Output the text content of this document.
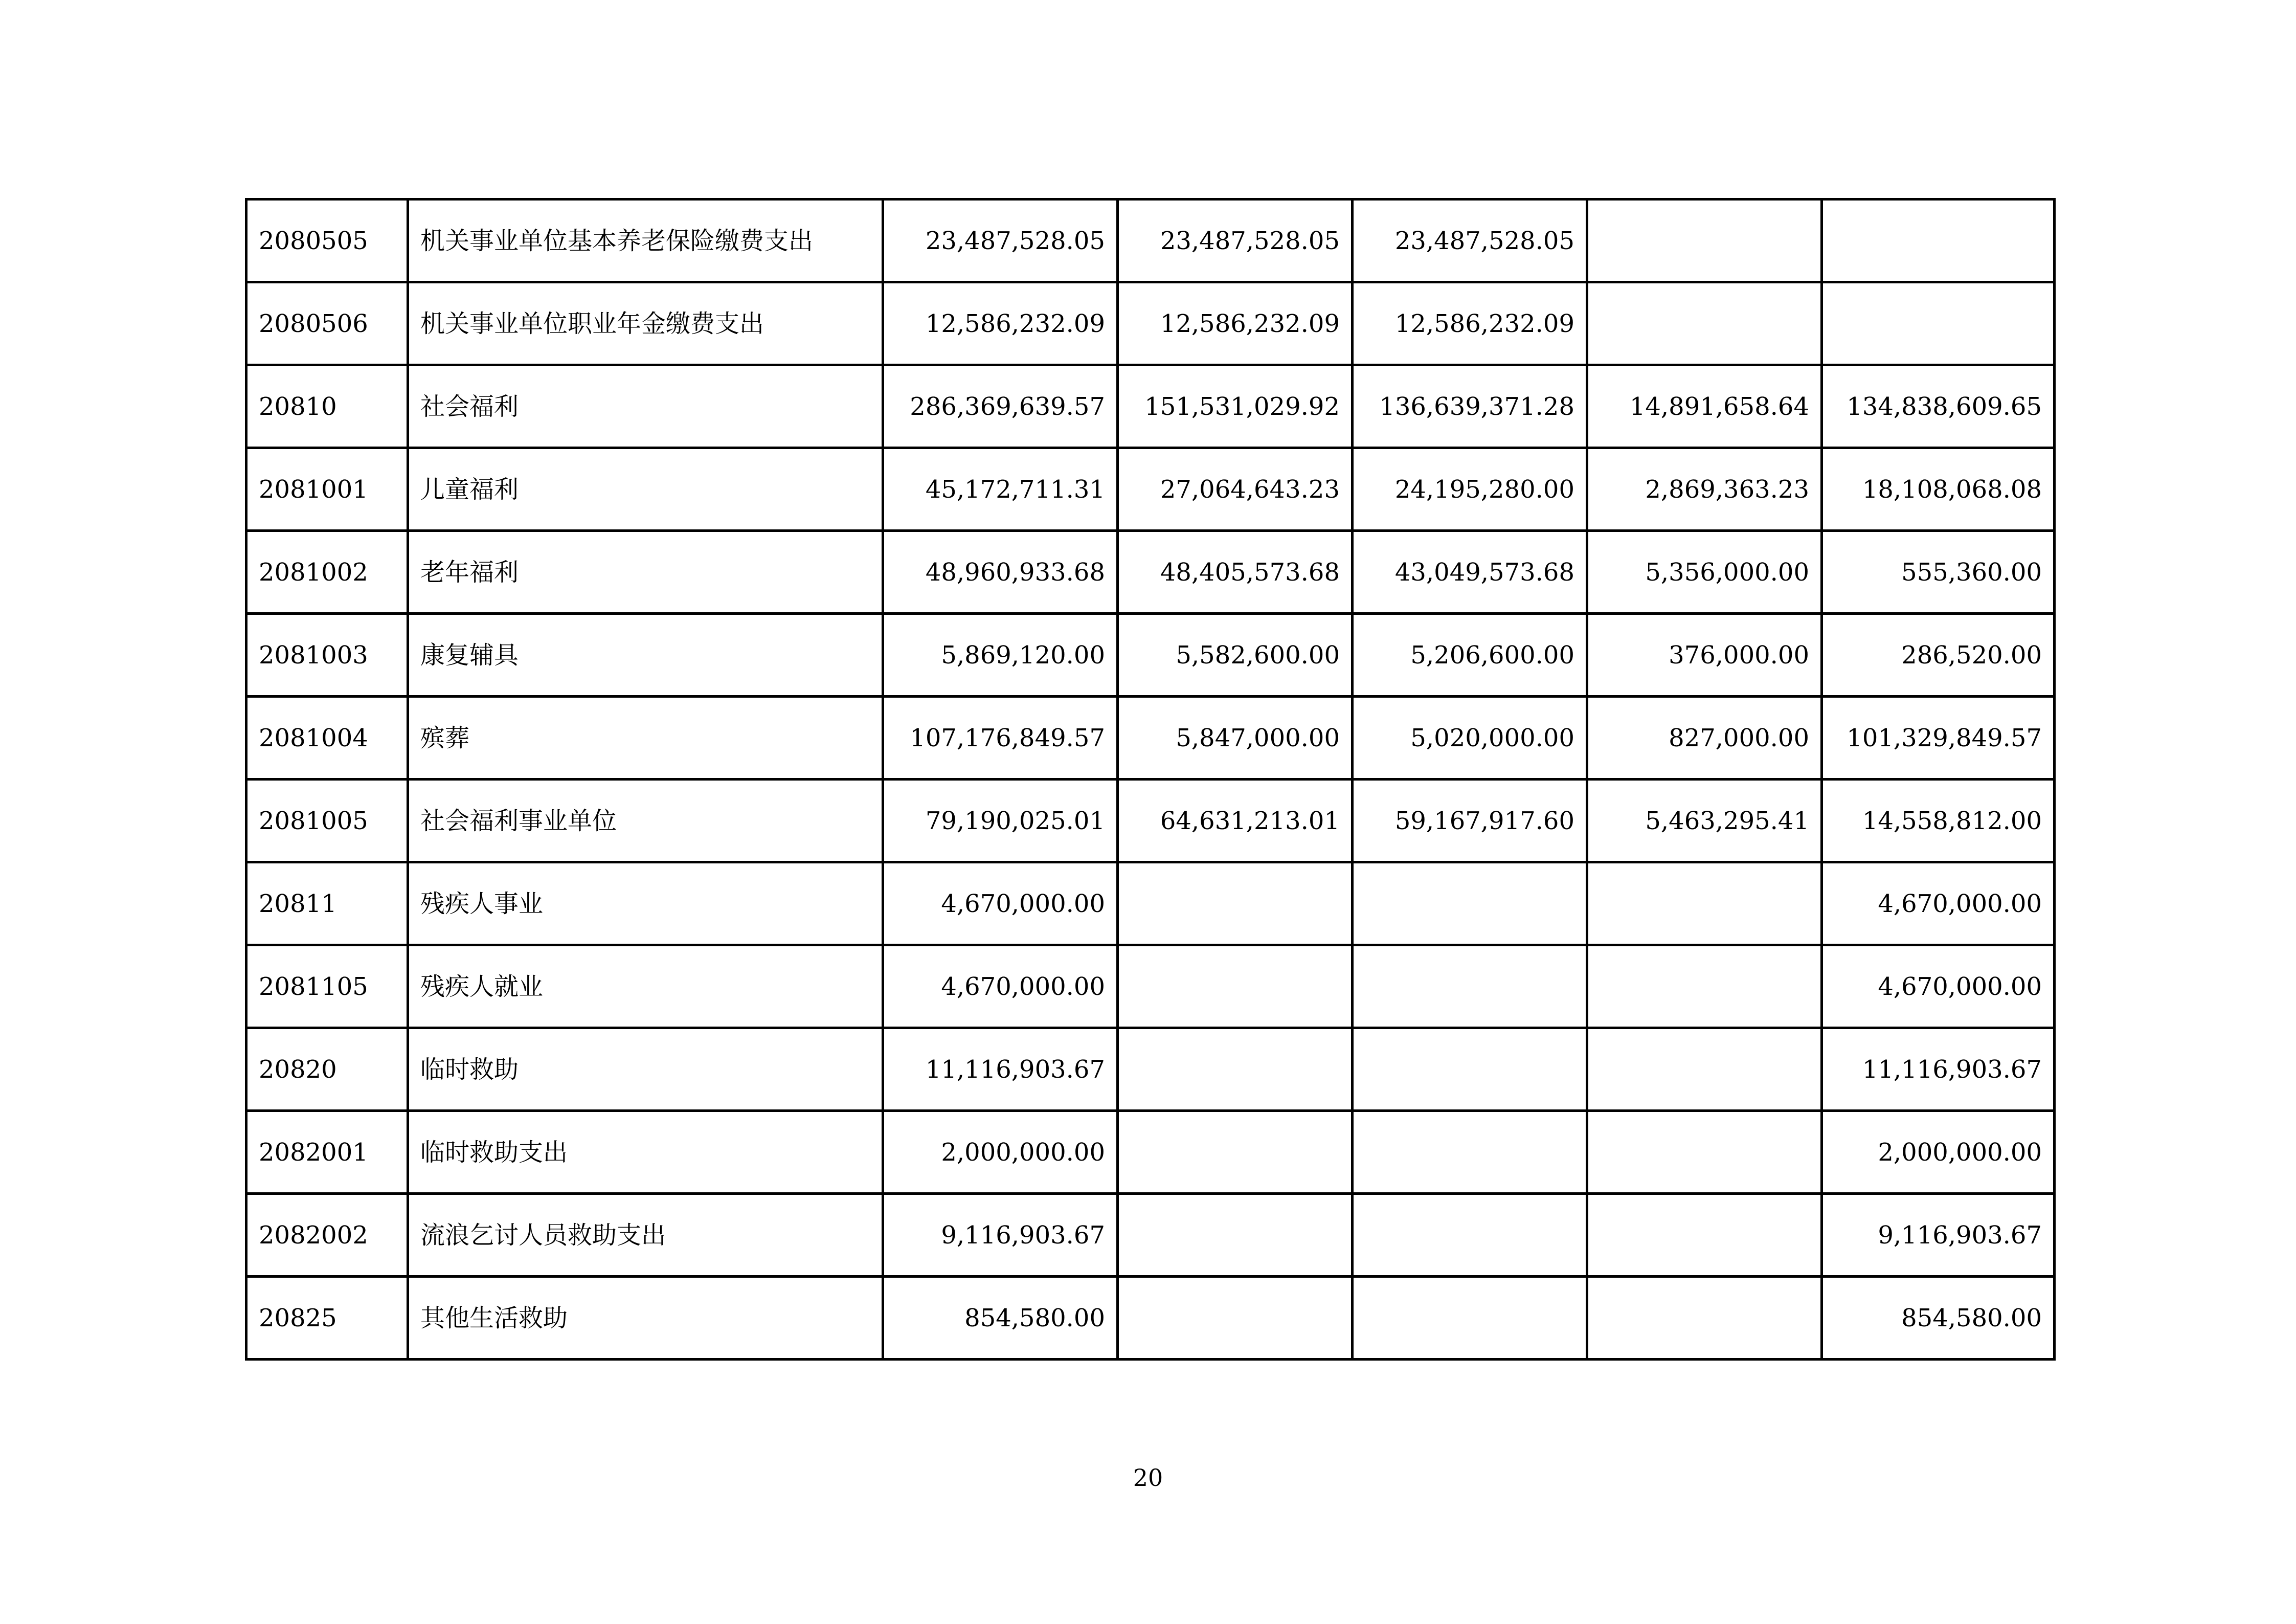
2080505	机关事业单位基本养老保险缴费支出	23,487,528.05	23,487,528.05	23,487,528.05		
2080506	机关事业单位职业年金缴费支出	12,586,232.09	12,586,232.09	12,586,232.09		
20810	社会福利	286,369,639.57	151,531,029.92	136,639,371.28	14,891,658.64	134,838,609.65
2081001	儿童福利	45,172,711.31	27,064,643.23	24,195,280.00	2,869,363.23	18,108,068.08
2081002	老年福利	48,960,933.68	48,405,573.68	43,049,573.68	5,356,000.00	555,360.00
2081003	康复辅具	5,869,120.00	5,582,600.00	5,206,600.00	376,000.00	286,520.00
2081004	殡葬	107,176,849.57	5,847,000.00	5,020,000.00	827,000.00	101,329,849.57
2081005	社会福利事业单位	79,190,025.01	64,631,213.01	59,167,917.60	5,463,295.41	14,558,812.00
20811	残疾人事业	4,670,000.00				4,670,000.00
2081105	残疾人就业	4,670,000.00				4,670,000.00
20820	临时救助	11,116,903.67				11,116,903.67
2082001	临时救助支出	2,000,000.00				2,000,000.00
2082002	流浪乞讨人员救助支出	9,116,903.67				9,116,903.67
20825	其他生活救助	854,580.00				854,580.00
20
